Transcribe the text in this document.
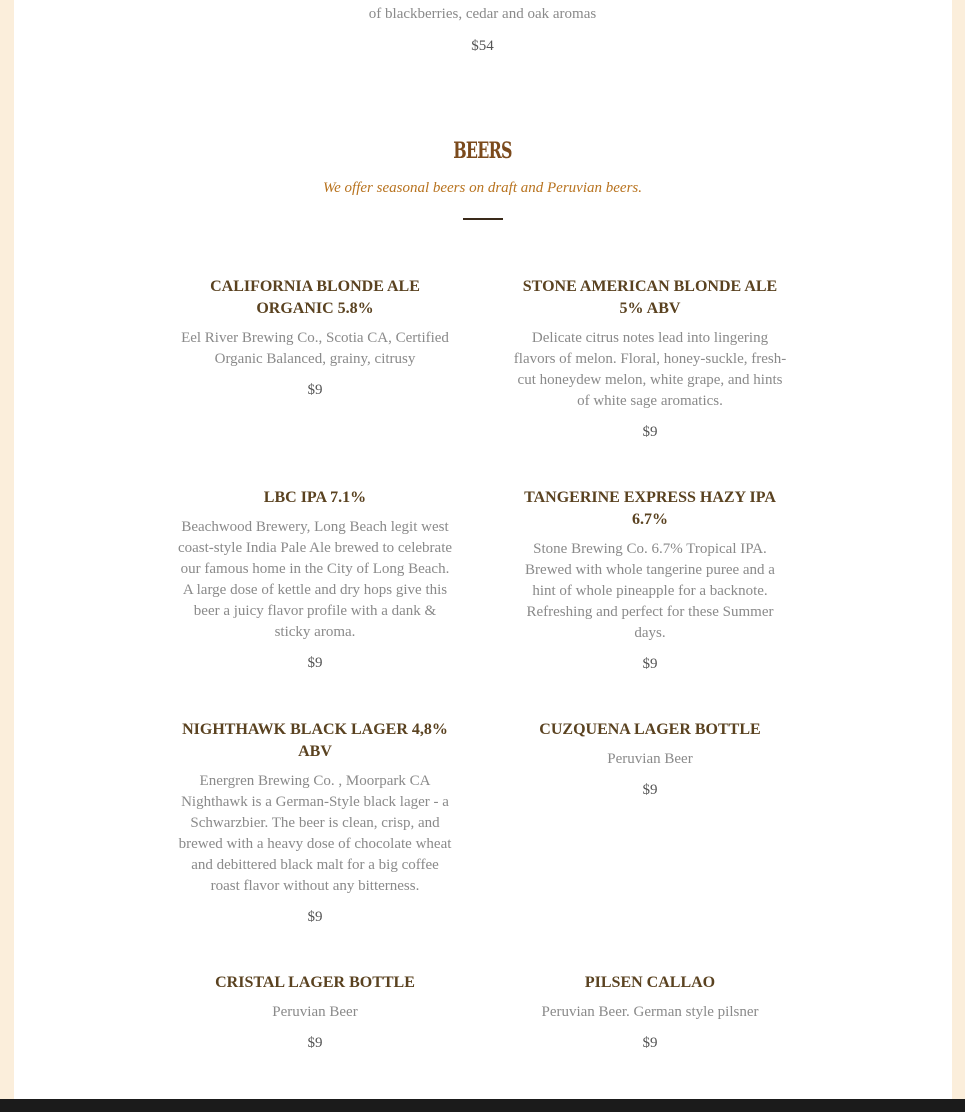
of blackberries, cedar and oak aromas
$54
BEERS
We offer seasonal beers on draft and Peruvian beers.

CALIFORNIA BLONDE ALE ORGANIC 5.8%

Eel River Brewing Co., Scotia CA, Certified Organic Balanced, grainy, citrusy

$9

STONE AMERICAN BLONDE ALE 5% ABV

Delicate citrus notes lead into lingering flavors of melon. Floral, honey-suckle, fresh-cut honeydew melon, white grape, and hints of white sage aromatics.

$9

LBC IPA 7.1%

Beachwood Brewery, Long Beach legit west coast-style India Pale Ale brewed to celebrate our famous home in the City of Long Beach. A large dose of kettle and dry hops give this beer a juicy flavor profile with a dank & sticky aroma.

$9

TANGERINE EXPRESS HAZY IPA 6.7%

Stone Brewing Co. 6.7% Tropical IPA. Brewed with whole tangerine puree and a hint of whole pineapple for a backnote. Refreshing and perfect for these Summer days.

$9

NIGHTHAWK BLACK LAGER 4,8% ABV

Energren Brewing Co. , Moorpark CA Nighthawk is a German-Style black lager - a Schwarzbier. The beer is clean, crisp, and brewed with a heavy dose of chocolate wheat and debittered black malt for a big coffee roast flavor without any bitterness.

$9

CUZQUENA LAGER BOTTLE

Peruvian Beer

$9

CRISTAL LAGER BOTTLE

Peruvian Beer

$9

PILSEN CALLAO

Peruvian Beer. German style pilsner

$9
